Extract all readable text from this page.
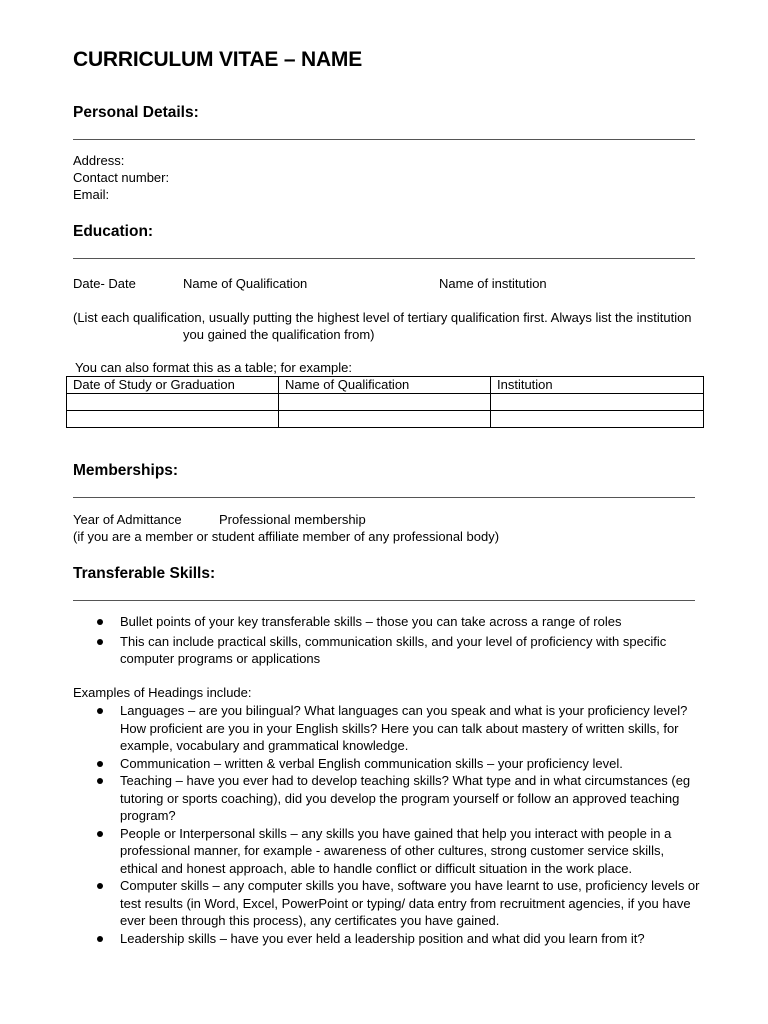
CURRICULUM VITAE – NAME
Personal Details:
Address:
Contact number:
Email:
Education:
Date- Date	Name of Qualification	Name of institution
(List each qualification, usually putting the highest level of tertiary qualification first. Always list the institution
you gained the qualification from)
You can also format this as a table; for example:
Date of Study or Graduation	Name of Qualification	Institution

Memberships:
Year of Admittance	Professional membership
(if you are a member or student affiliate member of any professional body)
Transferable Skills:
Bullet points of your key transferable skills – those you can take across a range of roles
This can include practical skills, communication skills, and your level of proficiency with specific computer programs or applications
Examples of Headings include:
Languages – are you bilingual? What languages can you speak and what is your proficiency level? How proficient are you in your English skills? Here you can talk about mastery of written skills, for example, vocabulary and grammatical knowledge.
Communication – written & verbal English communication skills – your proficiency level.
Teaching – have you ever had to develop teaching skills? What type and in what circumstances (eg tutoring or sports coaching), did you develop the program yourself or follow an approved teaching program?
People or Interpersonal skills – any skills you have gained that help you interact with people in a professional manner, for example - awareness of other cultures, strong customer service skills, ethical and honest approach, able to handle conflict or difficult situation in the work place.
Computer skills – any computer skills you have, software you have learnt to use, proficiency levels or test results (in Word, Excel, PowerPoint or typing/ data entry from recruitment agencies, if you have ever been through this process), any certificates you have gained.
Leadership skills – have you ever held a leadership position and what did you learn from it?
